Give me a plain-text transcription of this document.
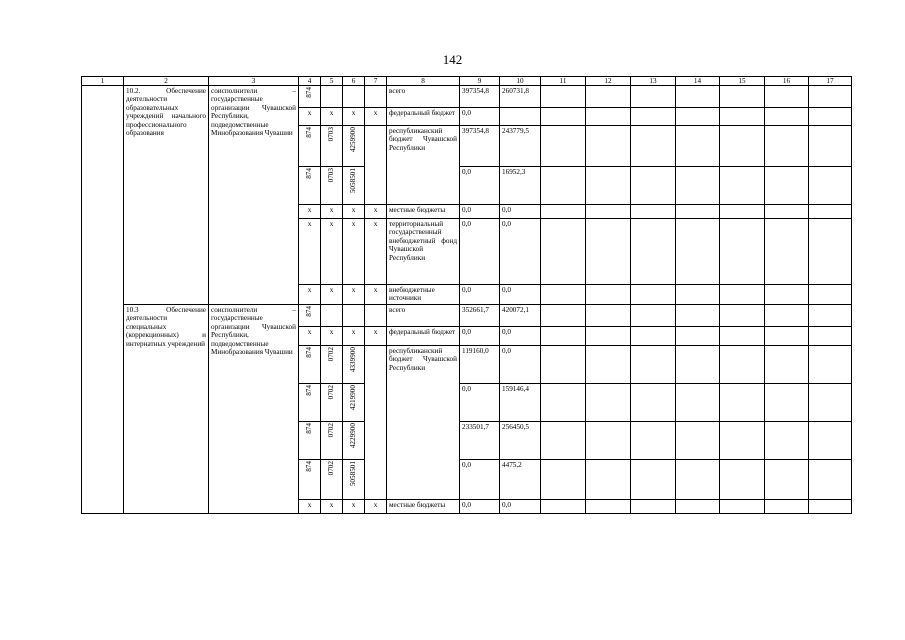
142
1	2	3	4	5	6	7	8	9	10	11	12	13	14	15	16	17
	10.2. Обеспечение деятельности образовательных учреждений начального профессионального образования	соисполнители – государственные организации Чувашской Республики, подведомственные Минобразования Чувашии	874				всего	397354,8	260731,8							
			x	x	x	x	федеральный бюджет	0,0								
			874	0703	4259900		республиканский бюджет Чувашской Республики	397354,8	243779,5							
			874	0703	5058501			0,0	16952,3							
			x	x	x	x	местные бюджеты	0,0	0,0							
			x	x	x	x	территориальный государственный внебюджетный фонд Чувашской Республики	0,0	0,0							
			x	x	x	x	внебюджетные источники	0,0	0,0							
	10.3 Обеспечение деятельности специальных (коррекционных) и интернатных учреждений	соисполнители – государственные организации Чувашской Республики, подведомственные Минобразования Чувашии	874				всего	352661,7	420072,1							
			x	x	x	x	федеральный бюджет	0,0	0,0							
			874	0702	4339900		республиканский бюджет Чувашской Республики	119160,0	0,0							
			874	0702	4219900			0,0	159146,4							
			874	0702	4229900			233501,7	256450,5							
			874	0702	5058501			0,0	4475,2							
			x	x	x	x	местные бюджеты	0,0	0,0							
